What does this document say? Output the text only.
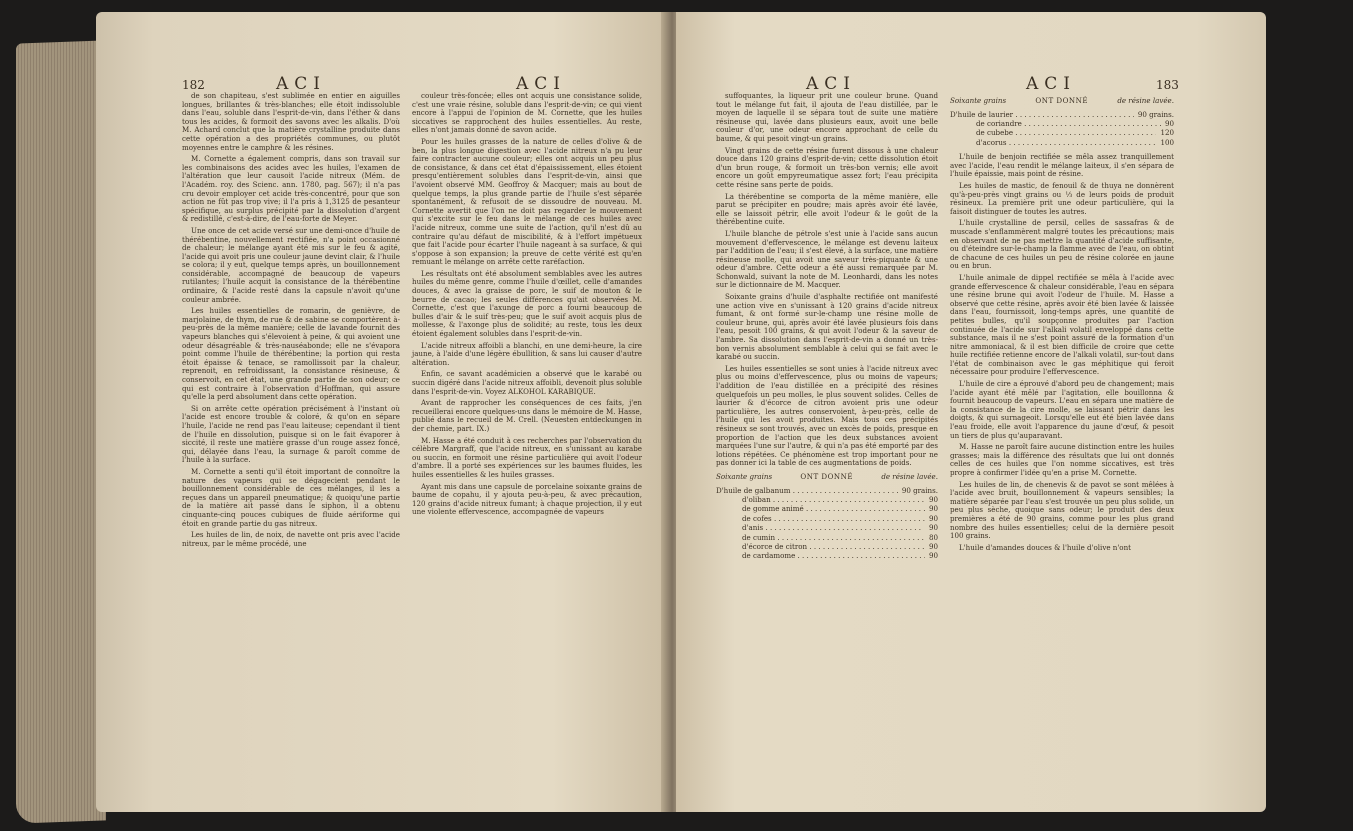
182	ACI	ACI

de son chapiteau, s'est sublimée en entier en aiguilles longues, brillantes & très-blanches; elle étoit indissoluble dans l'eau, soluble dans l'esprit-de-vin, dans l'éther & dans tous les acides, & formoit des savons avec les alkalis. D'où M. Achard conclut que la matière crystalline produite dans cette opération a des propriétés communes, ou plutôt moyennes entre le camphre & les résines.

M. Cornette a également compris, dans son travail sur les combinaisons des acides avec les huiles, l'examen de l'altération que leur causoit l'acide nitreux (Mém. de l'Académ. roy. des Scienc. ann. 1780, pag. 567); il n'a pas cru devoir employer cet acide très-concentré, pour que son action ne fût pas trop vive; il l'a pris à 1,3125 de pesanteur spécifique, au surplus précipité par la dissolution d'argent & redistillé, c'est-à-dire, de l'eau-forte de Meyer.

Une once de cet acide versé sur une demi-once d'huile de thérébentine, nouvellement rectifiée, n'a point occasionné de chaleur; le mélange ayant été mis sur le feu & agité, l'acide qui avoit pris une couleur jaune devint clair, & l'huile se colora; il y eut, quelque temps après, un bouillonnement considérable, accompagné de beaucoup de vapeurs rutilantes; l'huile acquit la consistance de la thérébentine ordinaire, & l'acide resté dans la capsule n'avoit qu'une couleur ambrée.

Les huiles essentielles de romarin, de genièvre, de marjolaine, de thym, de rue & de sabine se comportèrent à-peu-près de la même manière; celle de lavande fournit des vapeurs blanches qui s'élevoient à peine, & qui avoient une odeur désagréable & très-nauséabonde; elle ne s'évapora point comme l'huile de thérébentine; la portion qui resta étoit épaisse & tenace, se ramollissoit par la chaleur, reprenoit, en refroidissant, la consistance résineuse, & conservoit, en cet état, une grande partie de son odeur; ce qui est contraire à l'observation d'Hoffman, qui assure qu'elle la perd absolument dans cette opération.

Si on arrête cette opération précisément à l'instant où l'acide est encore trouble & coloré, & qu'on en sépare l'huile, l'acide ne rend pas l'eau laiteuse; cependant il tient de l'huile en dissolution, puisque si on le fait évaporer à siccité, il reste une matière grasse d'un rouge assez foncé, qui, délayée dans l'eau, la surnage & paroît comme de l'huile à la surface.

M. Cornette a senti qu'il étoit important de connoître la nature des vapeurs qui se dégagecient pendant le bouillonnement considérable de ces mélanges, il les a reçues dans un appareil pneumatique; & quoiqu'une partie de la matière ait passé dans le siphon, il a obtenu cinquante-cinq pouces cubiques de fluide aériforme qui étoit en grande partie du gas nitreux.

Les huiles de lin, de noix, de navette ont pris avec l'acide nitreux, par le même procédé, une

couleur très-foncée; elles ont acquis une consistance solide, c'est une vraie résine, soluble dans l'esprit-de-vin; ce qui vient encore à l'appui de l'opinion de M. Cornette, que les huiles siccatives se rapprochent des huiles essentielles. Au reste, elles n'ont jamais donné de savon acide.

Pour les huiles grasses de la nature de celles d'olive & de ben, la plus longue digestion avec l'acide nitreux n'a pu leur faire contracter aucune couleur; elles ont acquis un peu plus de consistance, & dans cet état d'épaississement, elles étoient presqu'entièrement solubles dans l'esprit-de-vin, ainsi que l'avoient observé MM. Geoffroy & Macquer; mais au bout de quelque temps, la plus grande partie de l'huile s'est séparée spontanément, & refusoit de se dissoudre de nouveau. M. Cornette avertit que l'on ne doit pas regarder le mouvement qui s'excite sur le feu dans le mélange de ces huiles avec l'acide nitreux, comme une suite de l'action, qu'il n'est dû au contraire qu'au défaut de miscibilité, & à l'effort impétueux que fait l'acide pour écarter l'huile nageant à sa surface, & qui s'oppose à son expansion; la preuve de cette vérité est qu'en remuant le mélange on arrête cette raréfaction.

Les résultats ont été absolument semblables avec les autres huiles du même genre, comme l'huile d'œillet, celle d'amandes douces, & avec la graisse de porc, le suif de mouton & le beurre de cacao; les seules différences qu'ait observées M. Cornette, c'est que l'axunge de porc a fourni beaucoup de bulles d'air & le suif très-peu; que le suif avoit acquis plus de mollesse, & l'axonge plus de solidité; au reste, tous les deux étoient également solubles dans l'esprit-de-vin.

L'acide nitreux affoibli a blanchi, en une demi-heure, la cire jaune, à l'aide d'une légère ébullition, & sans lui causer d'autre altération.

Enfin, ce savant académicien a observé que le karabé ou succin digéré dans l'acide nitreux affoibli, devenoit plus soluble dans l'esprit-de-vin. Voyez ALKOHOL KARABIQUE.

Avant de rapprocher les conséquences de ces faits, j'en recueillerai encore quelques-uns dans le mémoire de M. Hasse, publié dans le recueil de M. Crell. (Neuesten entdeckungen in der chemie, part. IX.)

M. Hasse a été conduit à ces recherches par l'observation du célèbre Margraff, que l'acide nitreux, en s'unissant au karabe ou succin, en formoit une résine particulière qui avoit l'odeur d'ambre. Il a porté ses expériences sur les baumes fluides, les huiles essentielles & les huiles grasses.

Ayant mis dans une capsule de porcelaine soixante grains de baume de copahu, il y ajouta peu-à-peu, & avec précaution, 120 grains d'acide nitreux fumant; à chaque projection, il y eut une violente effervescence, accompagnée de vapeurs

ACI	ACI	183

suffoquantes, la liqueur prit une couleur brune. Quand tout le mélange fut fait, il ajouta de l'eau distillée, par le moyen de laquelle il se sépara tout de suite une matière résineuse qui, lavée dans plusieurs eaux, avoit une belle couleur d'or, une odeur encore approchant de celle du baume, & qui pesoit vingt-un grains.

Vingt grains de cette résine furent dissous à une chaleur douce dans 120 grains d'esprit-de-vin; cette dissolution étoit d'un brun rouge, & formoit un très-bon vernis; elle avoit encore un goût empyreumatique assez fort; l'eau précipita cette résine sans perte de poids.

La thérébentine se comporta de la même manière, elle parut se précipiter en poudre; mais après avoir été lavée, elle se laissoit pétrir, elle avoit l'odeur & le goût de la thérébentine cuite.

L'huile blanche de pétrole s'est unie à l'acide sans aucun mouvement d'effervescence, le mélange est devenu laiteux par l'addition de l'eau; il s'est élevé, à la surface, une matière résineuse molle, qui avoit une saveur très-piquante & une odeur d'ambre. Cette odeur a été aussi remarquée par M. Schonwald, suivant la note de M. Leonhardi, dans les notes sur le dictionnaire de M. Macquer.

Soixante grains d'huile d'asphalte rectifiée ont manifesté une action vive en s'unissant à 120 grains d'acide nitreux fumant, & ont formé sur-le-champ une résine molle de couleur brune, qui, après avoir été lavée plusieurs fois dans l'eau, pesoit 100 grains, & qui avoit l'odeur & la saveur de l'ambre. Sa dissolution dans l'esprit-de-vin a donné un très-bon vernis absolument semblable à celui qui se fait avec le karabé ou succin.

Les huiles essentielles se sont unies à l'acide nitreux avec plus ou moins d'effervescence, plus ou moins de vapeurs; l'addition de l'eau distillée en a précipité des résines quelquefois un peu molles, le plus souvent solides. Celles de laurier & d'écorce de citron avoient pris une odeur particulière, les autres conservoient, à-peu-près, celle de l'huile qui les avoit produites. Mais tous ces précipités résineux se sont trouvés, avec un excès de poids, presque en proportion de l'action que les deux substances avoient marquées l'une sur l'autre, & qui n'a pas été emporté par des lotions répétées. Ce phénomène est trop important pour ne pas donner ici la table de ces augmentations de poids.

Soixante grains	ONT DONNÉ	de résine lavée.
D'huile de galbanum . . .	90 grains.
d'oliban . . .	90
de gomme animé . . .	90
de cofes . . .	90
d'anis . . .	90
de cumin . . .	80
d'écorce de citron . . .	90
de cardamome . . .	90
Soixante grains	ONT DONNÉ	de résine lavée.
D'huile de laurier . . .	90 grains.
de coriandre . . .	90
de cubebe . . .	120
d'acorus . . .	100

L'huile de benjoin rectifiée se mêla assez tranquillement avec l'acide, l'eau rendit le mélange laiteux, il s'en sépara de l'huile épaissie, mais point de résine.

Les huiles de mastic, de fenouil & de thuya ne donnèrent qu'à-peu-près vingt grains ou ⅓ de leurs poids de produit résineux. La première prit une odeur particulière, qui la faisoit distinguer de toutes les autres.

L'huile crystalline de persil, celles de sassafras & de muscade s'enflammèrent malgré toutes les précautions; mais en observant de ne pas mettre la quantité d'acide suffisante, ou d'éteindre sur-le-champ la flamme avec de l'eau, on obtint de chacune de ces huiles un peu de résine colorée en jaune ou en brun.

L'huile animale de dippel rectifiée se mêla à l'acide avec grande effervescence & chaleur considérable, l'eau en sépara une résine brune qui avoit l'odeur de l'huile. M. Hasse a observé que cette résine, après avoir été bien lavée & laissée dans l'eau, fournissoit, long-temps après, une quantité de petites bulles, qu'il soupçonne produites par l'action continuée de l'acide sur l'alkali volatil enveloppé dans cette substance, mais il ne s'est point assuré de la formation d'un nitre ammoniacal, & il est bien difficile de croire que cette huile rectifiée retienne encore de l'alkali volatil, sur-tout dans l'état de combinaison avec le gas méphitique qui feroit nécessaire pour produire l'effervescence.

L'huile de cire a éprouvé d'abord peu de changement; mais l'acide ayant été mêlé par l'agitation, elle bouillonna & fournit beaucoup de vapeurs. L'eau en sépara une matière de la consistance de la cire molle, se laissant pétrir dans les doigts, & qui surnageoit. Lorsqu'elle eut été bien lavée dans l'eau froide, elle avoit l'apparence du jaune d'œuf, & pesoit un tiers de plus qu'auparavant.

M. Hasse ne paroît faire aucune distinction entre les huiles grasses; mais la différence des résultats que lui ont donnés celles de ces huiles que l'on nomme siccatives, est très propre à confirmer l'idée qu'en a prise M. Cornette.

Les huiles de lin, de chenevis & de pavot se sont mêlées à l'acide avec bruit, bouillonnement & vapeurs sensibles; la matière séparée par l'eau s'est trouvée un peu plus solide, un peu plus sèche, quoique sans odeur; le produit des deux premières a été de 90 grains, comme pour les plus grand nombre des huiles essentielles; celui de la dernière pesoit 100 grains.

L'huile d'amandes douces & l'huile d'olive n'ont
